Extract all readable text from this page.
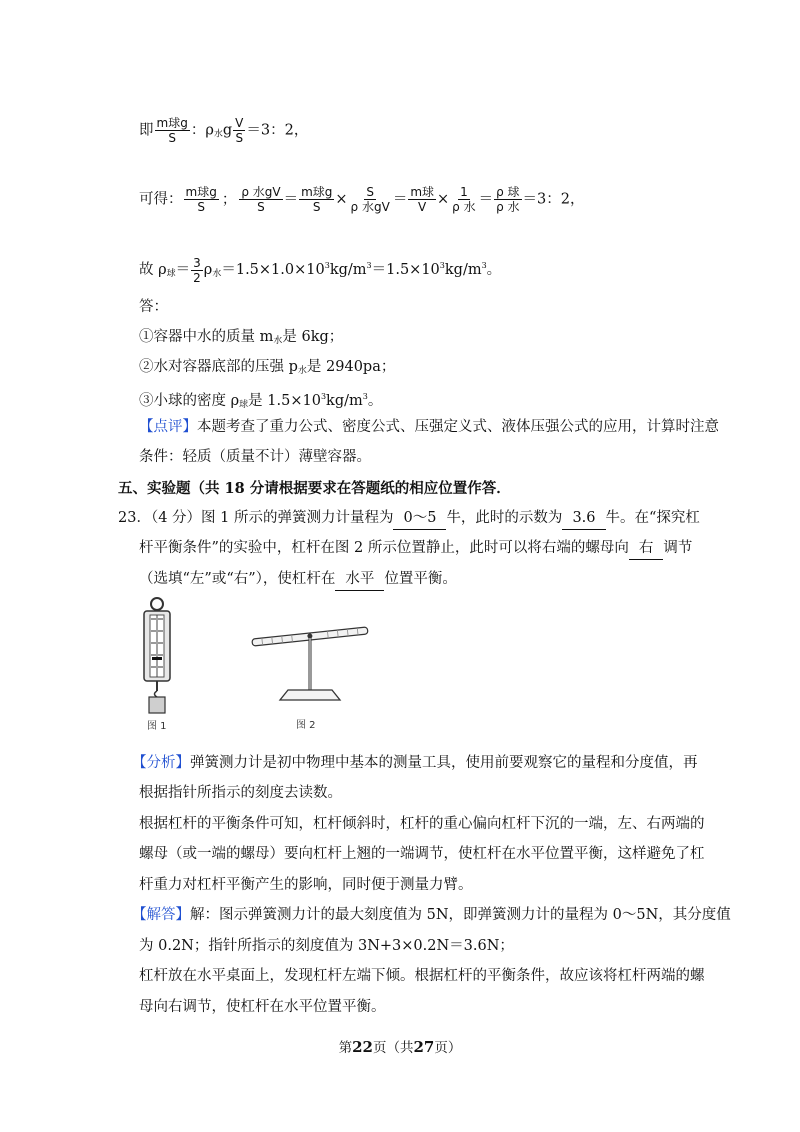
即 $\frac{\text{m球g}}{S}$ ：$\rho_水g \frac{V}{S} =3$：2，
可得： $\frac{\text{m球g}}{S}$ ； $\frac{\text{ρ 水gV}}{S} = \frac{\text{m球g}}{S} \times \frac{S}{\text{ρ 水gV}} = \frac{\text{m球}}{V} \times \frac{1}{\text{ρ 水}} = \frac{\text{ρ 球}}{\text{ρ 水}} =3$：2，
故 $\rho_球= \frac{3}{2} \rho_水=1.5\times 1.0\times 10^3kg/m^3=1.5\times 10^3kg/m^3$。
答：
①容器中水的质量 $m_水$是 6kg；
②水对容器底部的压强 $p_水$是 2940pa；
③小球的密度 $\rho_球$是 $1.5\times 10^3kg/m^3$。
【点评】本题考查了重力公式、密度公式、压强定义式、液体压强公式的应用，计算时注意
条件：轻质（质量不计）薄壁容器。
五、实验题（共 18 分请根据要求在答题纸的相应位置作答．
23．（4 分）图 1 所示的弹簧测力计量程为 0～5 牛，此时的示数为 3.6 牛。在“探究杠
杆平衡条件”的实验中，杠杆在图 2 所示位置静止，此时可以将右端的螺母向 右 调节
（选填“左”或“右”），使杠杆在 水平 位置平衡。
图 1	图 2
【分析】弹簧测力计是初中物理中基本的测量工具，使用前要观察它的量程和分度值，再
根据指针所指示的刻度去读数。
根据杠杆的平衡条件可知，杠杆倾斜时，杠杆的重心偏向杠杆下沉的一端，左、右两端的
螺母（或一端的螺母）要向杠杆上翘的一端调节，使杠杆在水平位置平衡，这样避免了杠
杆重力对杠杆平衡产生的影响，同时便于测量力臂。
【解答】解：图示弹簧测力计的最大刻度值为 5N，即弹簧测力计的量程为 0～5N，其分度值
为 0.2N；指针所指示的刻度值为 3N+3×0.2N＝3.6N；
杠杆放在水平桌面上，发现杠杆左端下倾。根据杠杆的平衡条件，故应该将杠杆两端的螺
母向右调节，使杠杆在水平位置平衡。
第22页（共27页）
